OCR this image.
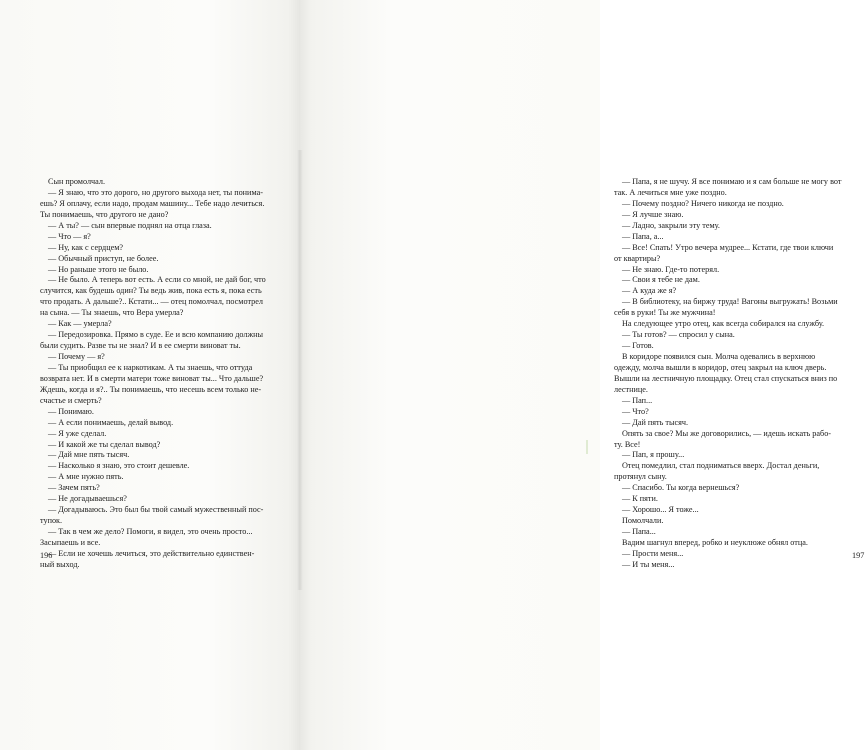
Сын промолчал.
— Я знаю, что это дорого, но другого выхода нет, ты понима-
ешь? Я оплачу, если надо, продам машину... Тебе надо лечиться.
Ты понимаешь, что другого не дано?
— А ты? — сын впервые поднял на отца глаза.
— Что — я?
— Ну, как с сердцем?
— Обычный приступ, не более.
— Но раньше этого не было.
— Не было. А теперь вот есть. А если со мной, не дай бог, что
случится, как будешь один? Ты ведь жив, пока есть я, пока есть
что продать. А дальше?.. Кстати... — отец помолчал, посмотрел
на сына. — Ты знаешь, что Вера умерла?
— Как — умерла?
— Передозировка. Прямо в суде. Ее и всю компанию должны
были судить. Разве ты не знал? И в ее смерти виноват ты.
— Почему — я?
— Ты приобщил ее к наркотикам. А ты знаешь, что оттуда
возврата нет. И в смерти матери тоже виноват ты... Что дальше?
Ждешь, когда и я?.. Ты понимаешь, что несешь всем только не-
счастье и смерть?
— Понимаю.
— А если понимаешь, делай вывод.
— Я уже сделал.
— И какой же ты сделал вывод?
— Дай мне пять тысяч.
— Насколько я знаю, это стоит дешевле.
— А мне нужно пять.
— Зачем пять?
— Не догадываешься?
— Догадываюсь. Это был бы твой самый мужественный пос-
тупок.
— Так в чем же дело? Помоги, я видел, это очень просто...
Засыпаешь и все.
— Если не хочешь лечиться, это действительно единствен-
ный выход.
196
— Папа, я не шучу. Я все понимаю и я сам больше не могу вот
так. А лечиться мне уже поздно.
— Почему поздно? Ничего никогда не поздно.
— Я лучше знаю.
— Ладно, закрыли эту тему.
— Папа, а...
— Все! Спать! Утро вечера мудрее... Кстати, где твои ключи
от квартиры?
— Не знаю. Где-то потерял.
— Свои я тебе не дам.
— А куда же я?
— В библиотеку, на биржу труда! Вагоны выгружать! Возьми
себя в руки! Ты же мужчина!
На следующее утро отец, как всегда собирался на службу.
— Ты готов? — спросил у сына.
— Готов.
В коридоре появился сын. Молча одевались в верхнюю
одежду, молча вышли в коридор, отец закрыл на ключ дверь.
Вышли на лестничную площадку. Отец стал спускаться вниз по
лестнице.
— Пап...
— Что?
— Дай пять тысяч.
Опять за свое? Мы же договорились, — идешь искать рабо-
ту. Все!
— Пап, я прошу...
Отец помедлил, стал подниматься вверх. Достал деньги,
протянул сыну.
— Спасибо. Ты когда вернешься?
— К пяти.
— Хорошо... Я тоже...
Помолчали.
— Папа...
Вадим шагнул вперед, робко и неуклюже обнял отца.
— Прости меня...
— И ты меня...
197
